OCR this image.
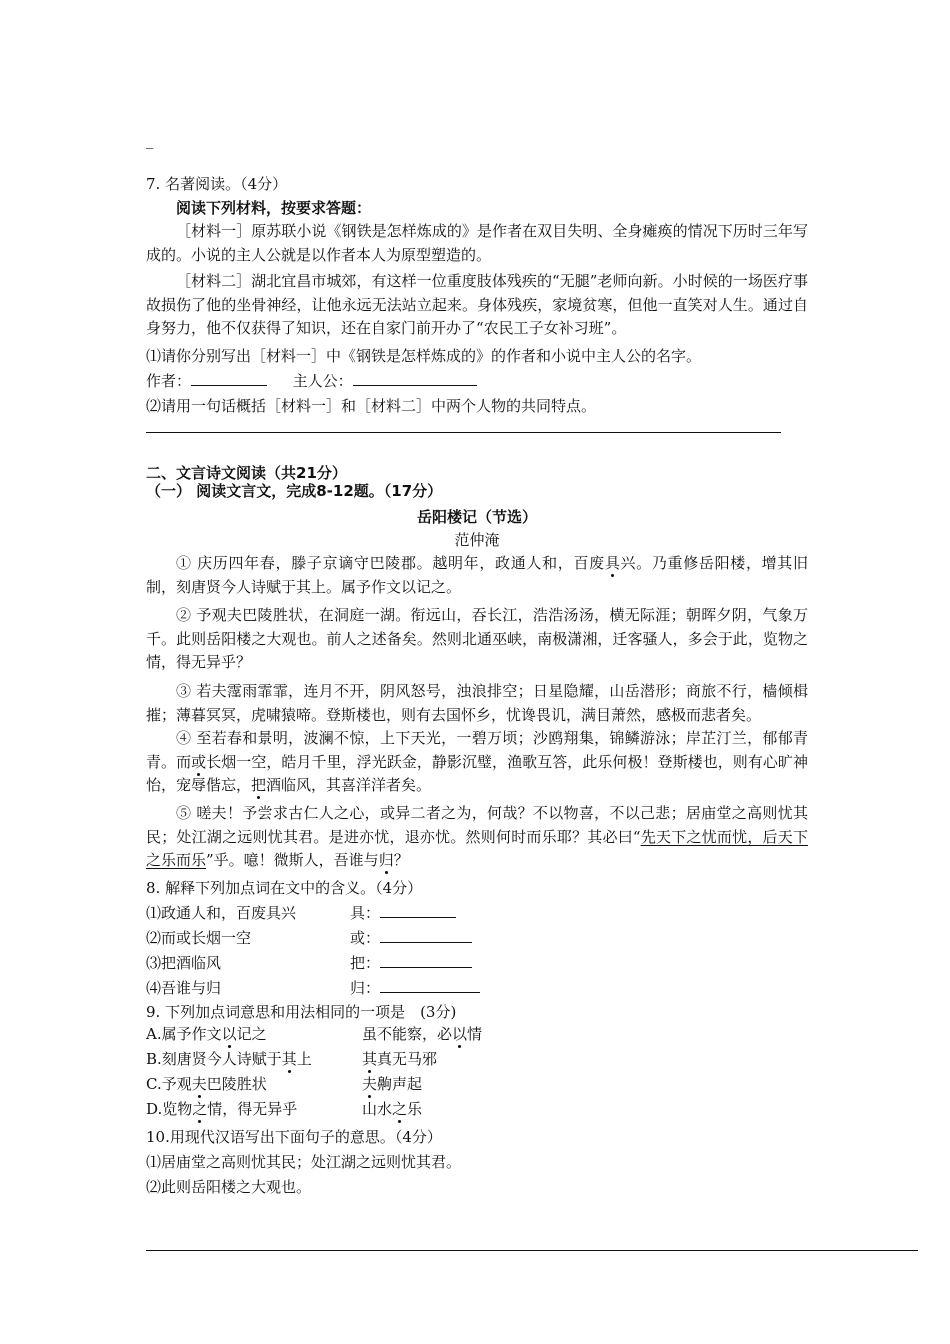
_
7. 名著阅读。（4分）
阅读下列材料，按要求答题：
［材料一］原苏联小说《钢铁是怎样炼成的》是作者在双目失明、全身瘫痪的情况下历时三年写成的。小说的主人公就是以作者本人为原型塑造的。
［材料二］湖北宜昌市城郊，有这样一位重度肢体残疾的“无腿”老师向新。小时候的一场医疗事故损伤了他的坐骨神经，让他永远无法站立起来。身体残疾，家境贫寒，但他一直笑对人生。通过自身努力，他不仅获得了知识，还在自家门前开办了“农民工子女补习班”。
⑴请你分别写出［材料一］中《钢铁是怎样炼成的》的作者和小说中主人公的名字。
作者：	主人公：
⑵请用一句话概括［材料一］和［材料二］中两个人物的共同特点。
二、文言诗文阅读（共21分）
（一） 阅读文言文，完成8-12题。（17分）
岳阳楼记（节选）
范仲淹
① 庆历四年春，滕子京谪守巴陵郡。越明年，政通人和，百废具兴。乃重修岳阳楼，增其旧制，刻唐贤今人诗赋于其上。属予作文以记之。
② 予观夫巴陵胜状，在洞庭一湖。衔远山，吞长江，浩浩汤汤，横无际涯；朝晖夕阴，气象万千。此则岳阳楼之大观也。前人之述备矣。然则北通巫峡，南极潇湘，迁客骚人，多会于此，览物之情，得无异乎？
③ 若夫霪雨霏霏，连月不开，阴风怒号，浊浪排空；日星隐耀，山岳潜形；商旅不行，樯倾楫摧；薄暮冥冥，虎啸猿啼。登斯楼也，则有去国怀乡，忧谗畏讥，满目萧然，感极而悲者矣。
④ 至若春和景明，波澜不惊，上下天光，一碧万顷；沙鸥翔集，锦鳞游泳；岸芷汀兰，郁郁青青。而或长烟一空，皓月千里，浮光跃金，静影沉璧，渔歌互答，此乐何极！登斯楼也，则有心旷神怡，宠辱偕忘，把酒临风，其喜洋洋者矣。
⑤ 嗟夫！予尝求古仁人之心，或异二者之为，何哉？不以物喜，不以己悲；居庙堂之高则忧其民；处江湖之远则忧其君。是进亦忧，退亦忧。然则何时而乐耶？其必曰“先天下之忧而忧，后天下之乐而乐”乎。噫！微斯人，吾谁与归？
8. 解释下列加点词在文中的含义。（4分）
⑴政通人和，百废具兴	具：
⑵而或长烟一空	或：
⑶把酒临风	把：
⑷吾谁与归	归：
9. 下列加点词意思和用法相同的一项是　(3分)
A.属予作文以记之	虽不能察，必以情
B.刻唐贤今人诗赋于其上	其真无马邪
C.予观夫巴陵胜状	夫齁声起
D.览物之情，得无异乎	山水之乐
10.用现代汉语写出下面句子的意思。（4分）
⑴居庙堂之高则忧其民；处江湖之远则忧其君。
⑵此则岳阳楼之大观也。
